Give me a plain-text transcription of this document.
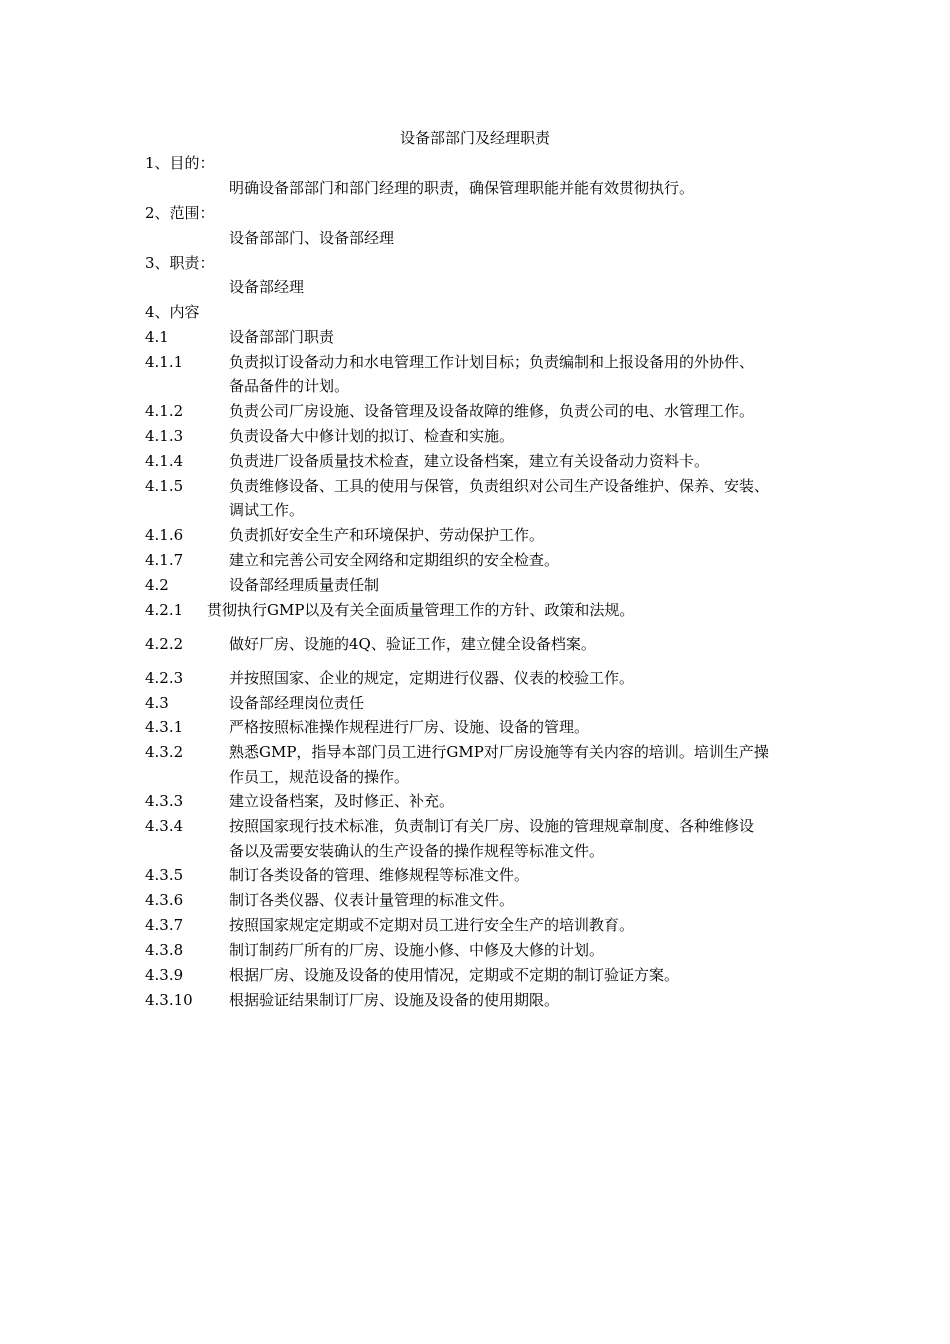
设备部部门及经理职责
1、目的：
明确设备部部门和部门经理的职责，确保管理职能并能有效贯彻执行。
2、范围：
设备部部门、设备部经理
3、职责：
设备部经理
4、内容
4.1	设备部部门职责
4.1.1	负责拟订设备动力和水电管理工作计划目标；负责编制和上报设备用的外协件、
备品备件的计划。
4.1.2	负责公司厂房设施、设备管理及设备故障的维修，负责公司的电、水管理工作。
4.1.3	负责设备大中修计划的拟订、检查和实施。
4.1.4	负责进厂设备质量技术检查，建立设备档案，建立有关设备动力资料卡。
4.1.5	负责维修设备、工具的使用与保管，负责组织对公司生产设备维护、保养、安装、
调试工作。
4.1.6	负责抓好安全生产和环境保护、劳动保护工作。
4.1.7	建立和完善公司安全网络和定期组织的安全检查。
4.2	设备部经理质量责任制
4.2.1 贯彻执行GMP以及有关全面质量管理工作的方针、政策和法规。
4.2.2	做好厂房、设施的4Q、验证工作，建立健全设备档案。
4.2.3	并按照国家、企业的规定，定期进行仪器、仪表的校验工作。
4.3	设备部经理岗位责任
4.3.1	严格按照标准操作规程进行厂房、设施、设备的管理。
4.3.2	熟悉GMP，指导本部门员工进行GMP对厂房设施等有关内容的培训。培训生产操
作员工，规范设备的操作。
4.3.3	建立设备档案，及时修正、补充。
4.3.4	按照国家现行技术标准，负责制订有关厂房、设施的管理规章制度、各种维修设
备以及需要安装确认的生产设备的操作规程等标准文件。
4.3.5	制订各类设备的管理、维修规程等标准文件。
4.3.6	制订各类仪器、仪表计量管理的标准文件。
4.3.7	按照国家规定定期或不定期对员工进行安全生产的培训教育。
4.3.8	制订制药厂所有的厂房、设施小修、中修及大修的计划。
4.3.9	根据厂房、设施及设备的使用情况，定期或不定期的制订验证方案。
4.3.10 根据验证结果制订厂房、设施及设备的使用期限。
